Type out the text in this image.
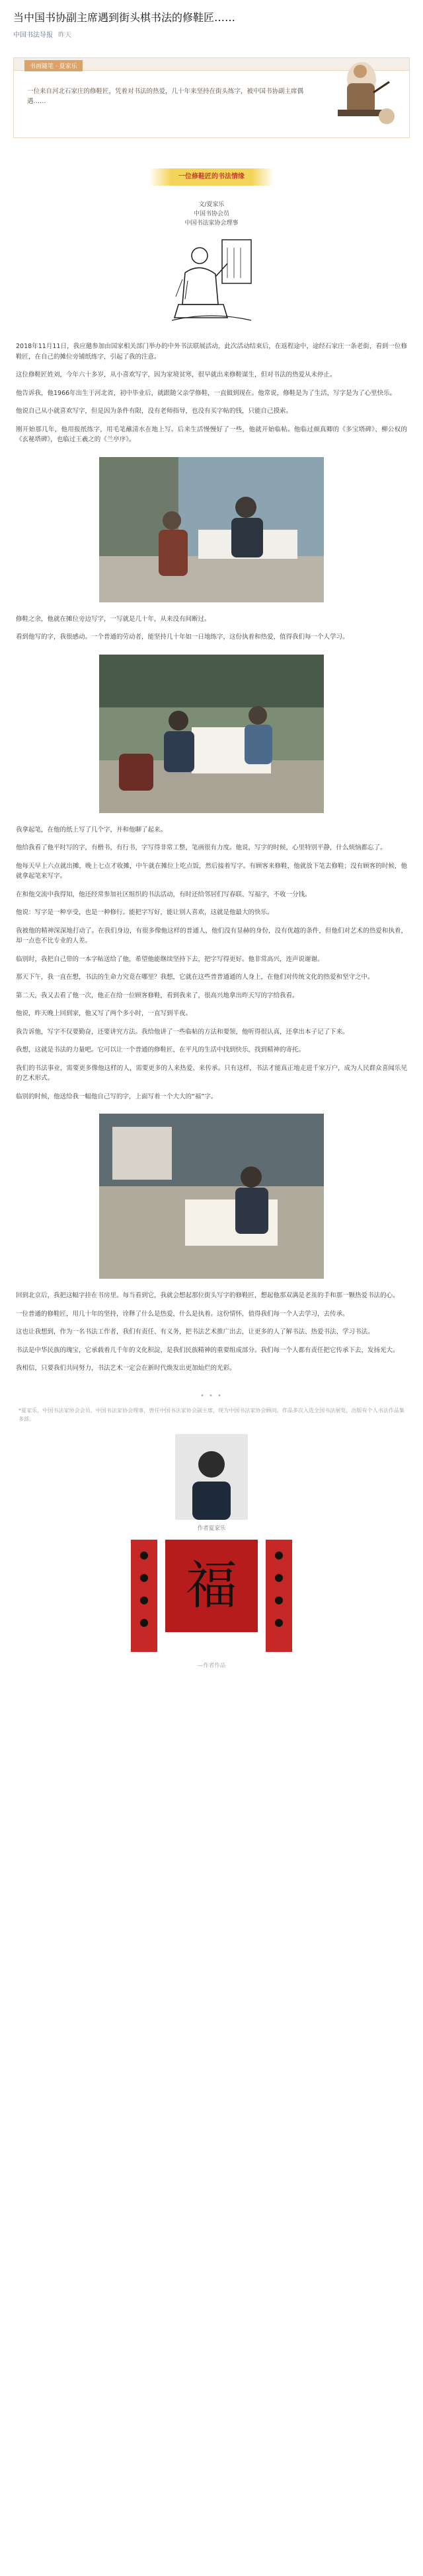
当中国书协副主席遇到街头棋书法的修鞋匠……
中国书法导报 昨天
书画随笔 · 夏家乐
一位来自河北石家庄的修鞋匠，凭着对书法的热爱，几十年来坚持在街头练字，被中国书协副主席偶遇……
一位修鞋匠的书法情缘
文/夏家乐
中国书协会员
中国书法家协会理事

2018年11月11日，我应邀参加由国家相关部门举办的中外书法联展活动，此次活动结束后，在返程途中，途经石家庄一条老街，看到一位修鞋匠，在自己的摊位旁铺纸练字，引起了我的注意。

这位修鞋匠姓刘，今年六十多岁，从小喜欢写字，因为家境贫寒，很早就出来修鞋谋生，但对书法的热爱从未停止。

他告诉我，他1966年出生于河北省，初中毕业后，就跟随父亲学修鞋，一直做到现在。他常说，修鞋是为了生活，写字是为了心里快乐。

他说自己从小就喜欢写字，但是因为条件有限，没有老师指导，也没有买字帖的钱，只能自己摸索。

刚开始那几年，他用报纸练字，用毛笔蘸清水在地上写。后来生活慢慢好了一些，他就开始临帖。他临过颜真卿的《多宝塔碑》、柳公权的《玄秘塔碑》，也临过王羲之的《兰亭序》。

修鞋之余，他就在摊位旁边写字，一写就是几十年，从来没有间断过。

看到他写的字，我很感动。一个普通的劳动者，能坚持几十年如一日地练字，这份执着和热爱，值得我们每一个人学习。

我拿起笔，在他的纸上写了几个字，并和他聊了起来。

他给我看了他平时写的字，有楷书，有行书，字写得非常工整，笔画很有力度。他说，写字的时候，心里特别平静，什么烦恼都忘了。

他每天早上六点就出摊，晚上七点才收摊，中午就在摊位上吃点饭，然后接着写字。有顾客来修鞋，他就放下笔去修鞋；没有顾客的时候，他就拿起笔来写字。

在和他交流中我得知，他还经常参加社区组织的书法活动，有时还给邻居们写春联、写福字，不收一分钱。

他说：写字是一种享受，也是一种修行。能把字写好，能让别人喜欢，这就是他最大的快乐。

我被他的精神深深地打动了。在我们身边，有很多像他这样的普通人，他们没有显赫的身份，没有优越的条件，但他们对艺术的热爱和执着，却一点也不比专业的人差。

临别时，我把自己带的一本字帖送给了他，希望他能继续坚持下去，把字写得更好。他非常高兴，连声说谢谢。

那天下午，我一直在想，书法的生命力究竟在哪里？我想，它就在这些普普通通的人身上，在他们对传统文化的热爱和坚守之中。

第二天，我又去看了他一次，他正在给一位顾客修鞋，看到我来了，很高兴地拿出昨天写的字给我看。

他说，昨天晚上回到家，他又写了两个多小时，一直写到半夜。

我告诉他，写字不仅要勤奋，还要讲究方法。我给他讲了一些临帖的方法和要领，他听得很认真，还拿出本子记了下来。

我想，这就是书法的力量吧。它可以让一个普通的修鞋匠，在平凡的生活中找到快乐，找到精神的寄托。

我们的书法事业，需要更多像他这样的人，需要更多的人来热爱、来传承。只有这样，书法才能真正地走进千家万户，成为人民群众喜闻乐见的艺术形式。

临别的时候，他送给我一幅他自己写的字，上面写着一个大大的“福”字。

回到北京后，我把这幅字挂在书房里。每当看到它，我就会想起那位街头写字的修鞋匠，想起他那双满是老茧的手和那一颗热爱书法的心。

一位普通的修鞋匠，用几十年的坚持，诠释了什么是热爱，什么是执着。这份情怀，值得我们每一个人去学习，去传承。

这也让我想到，作为一名书法工作者，我们有责任、有义务，把书法艺术推广出去，让更多的人了解书法、热爱书法、学习书法。

书法是中华民族的瑰宝，它承载着几千年的文化积淀，是我们民族精神的重要组成部分。我们每一个人都有责任把它传承下去，发扬光大。

我相信，只要我们共同努力，书法艺术一定会在新时代焕发出更加灿烂的光彩。

• • •

*夏家乐，中国书法家协会会员，中国书法家协会理事，曾任中国书法家协会副主席，现为中国书法家协会顾问。作品多次入选全国书法展览，出版有个人书法作品集多部。

作者夏家乐
福
—作者作品
